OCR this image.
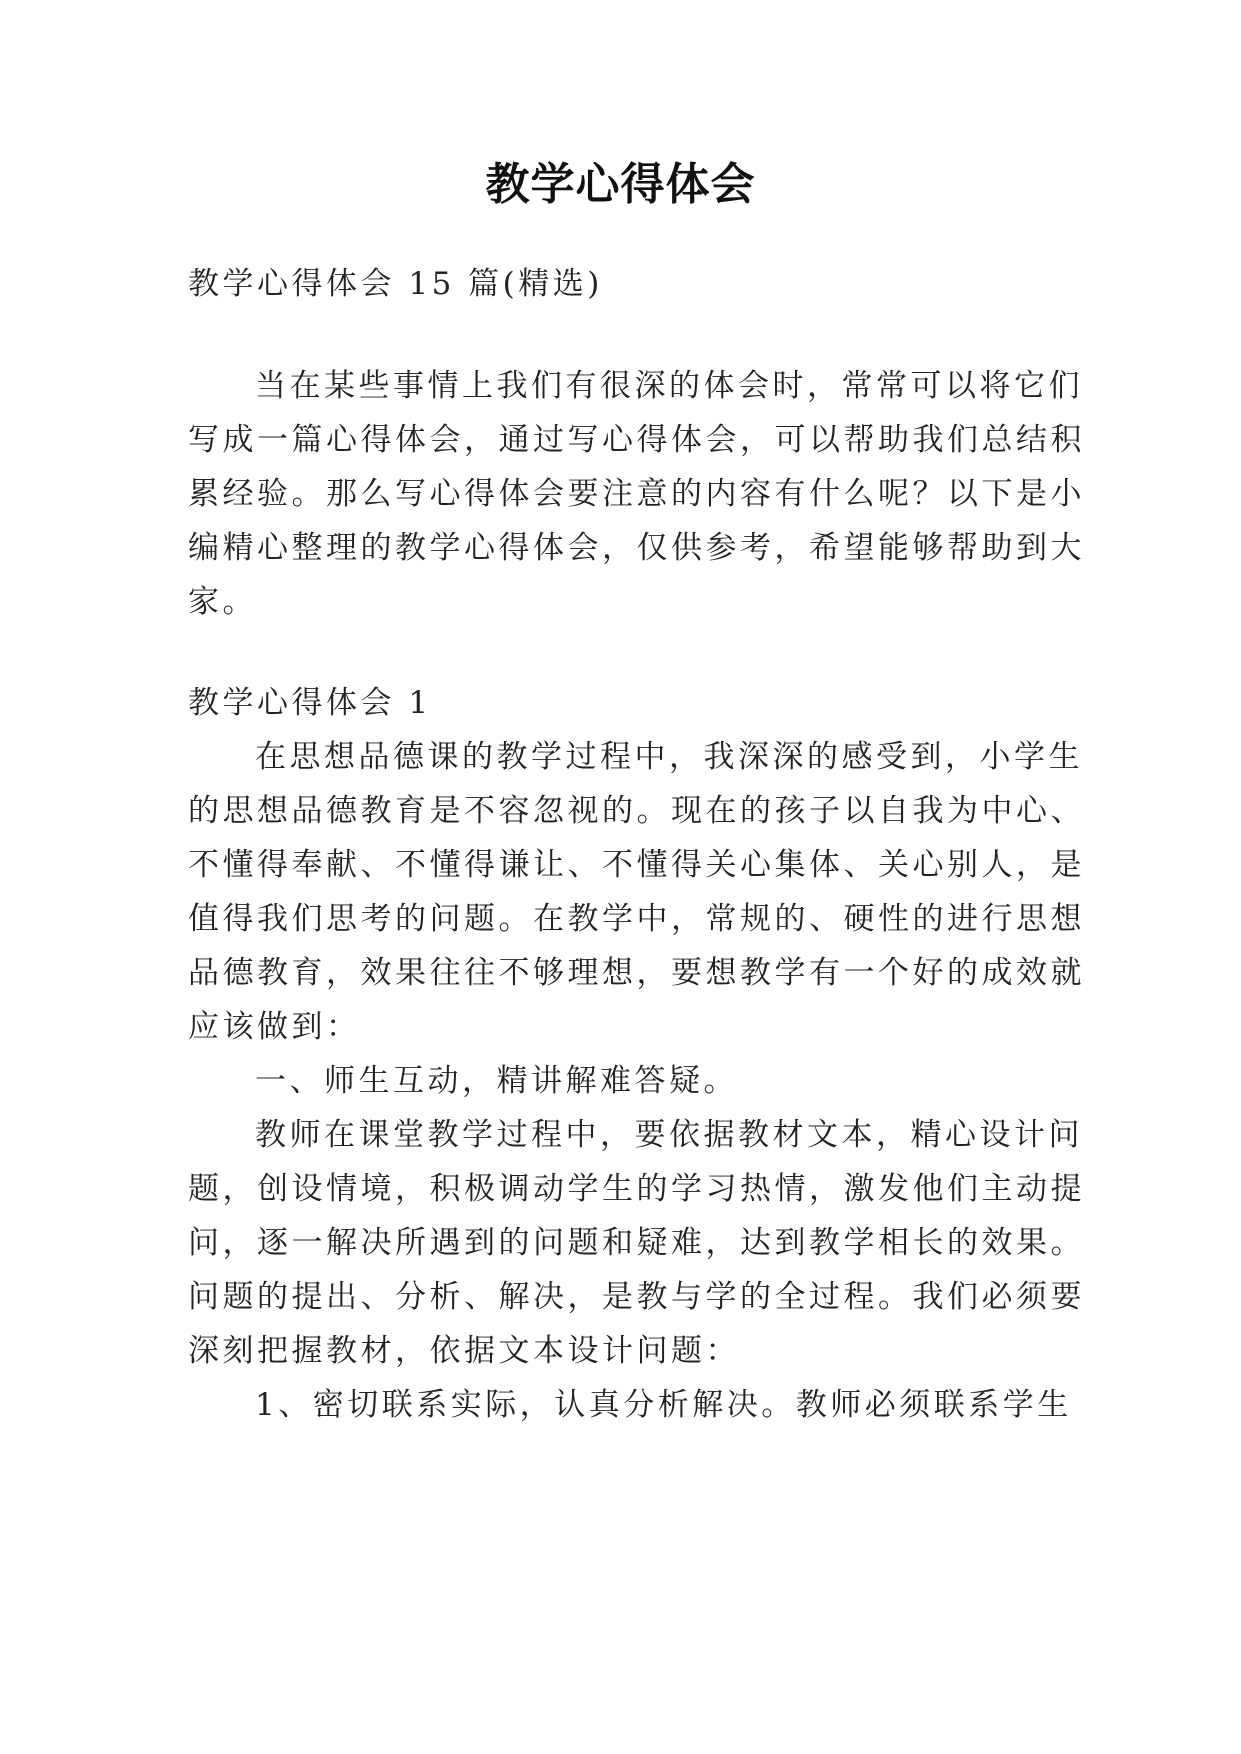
教学心得体会
教学心得体会 15 篇(精选)
当在某些事情上我们有很深的体会时，常常可以将它们
写成一篇心得体会，通过写心得体会，可以帮助我们总结积
累经验。那么写心得体会要注意的内容有什么呢？以下是小
编精心整理的教学心得体会，仅供参考，希望能够帮助到大
家。
教学心得体会 1
在思想品德课的教学过程中，我深深的感受到，小学生
的思想品德教育是不容忽视的。现在的孩子以自我为中心、
不懂得奉献、不懂得谦让、不懂得关心集体、关心别人，是
值得我们思考的问题。在教学中，常规的、硬性的进行思想
品德教育，效果往往不够理想，要想教学有一个好的成效就
应该做到：
一、师生互动，精讲解难答疑。
教师在课堂教学过程中，要依据教材文本，精心设计问
题，创设情境，积极调动学生的学习热情，激发他们主动提
问，逐一解决所遇到的问题和疑难，达到教学相长的效果。
问题的提出、分析、解决，是教与学的全过程。我们必须要
深刻把握教材，依据文本设计问题：
1、密切联系实际，认真分析解决。教师必须联系学生
